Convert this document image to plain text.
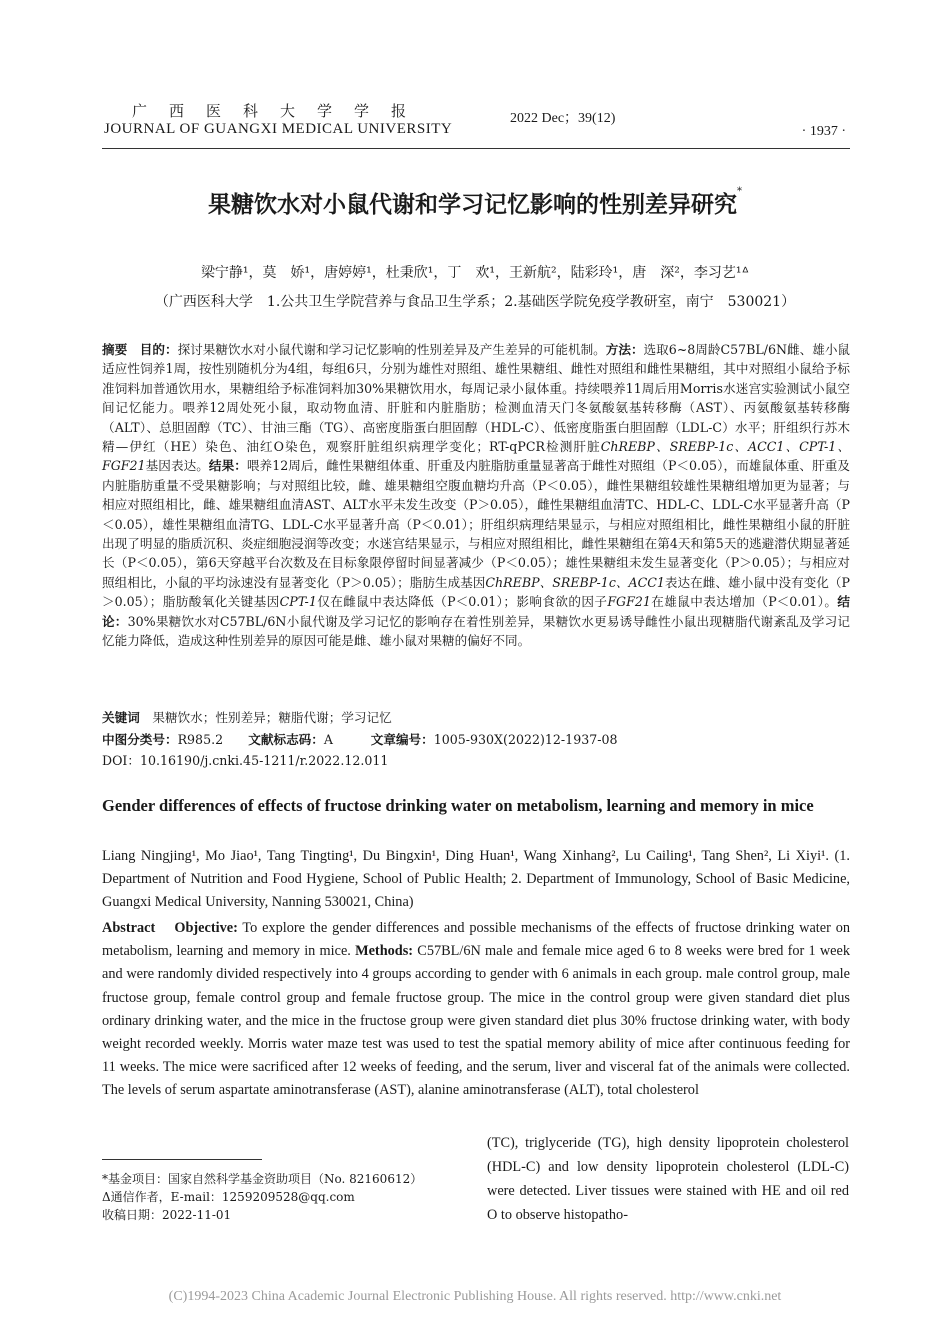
广西医科大学学报
JOURNAL OF GUANGXI MEDICAL UNIVERSITY
2022 Dec；39(12)
· 1937 ·
果糖饮水对小鼠代谢和学习记忆影响的性别差异研究*
梁宁静¹，莫　娇¹，唐婷婷¹，杜秉欣¹，丁　欢¹，王新航²，陆彩玲¹，唐　深²，李习艺¹ᐞ
（广西医科大学　1.公共卫生学院营养与食品卫生学系；2.基础医学院免疫学教研室，南宁　530021）
摘要  目的：探讨果糖饮水对小鼠代谢和学习记忆影响的性别差异及产生差异的可能机制。方法：选取6~8周龄C57BL/6N雌、雄小鼠适应性饲养1周，按性别随机分为4组，每组6只，分别为雄性对照组、雄性果糖组、雌性对照组和雌性果糖组，其中对照组小鼠给予标准饲料加普通饮用水，果糖组给予标准饲料加30%果糖饮用水，每周记录小鼠体重。持续喂养11周后用Morris水迷宫实验测试小鼠空间记忆能力。喂养12周处死小鼠，取动物血清、肝脏和内脏脂肪；检测血清天门冬氨酸氨基转移酶（AST）、丙氨酸氨基转移酶（ALT）、总胆固醇（TC）、甘油三酯（TG）、高密度脂蛋白胆固醇（HDL-C）、低密度脂蛋白胆固醇（LDL-C）水平；肝组织行苏木精—伊红（HE）染色、油红O染色，观察肝脏组织病理学变化；RT-qPCR检测肝脏ChREBP、SREBP-1c、ACC1、CPT-1、FGF21基因表达。结果：喂养12周后，雌性果糖组体重、肝重及内脏脂肪重量显著高于雌性对照组（P＜0.05），而雄鼠体重、肝重及内脏脂肪重量不受果糖影响；与对照组比较，雌、雄果糖组空腹血糖均升高（P＜0.05），雌性果糖组较雄性果糖组增加更为显著；与相应对照组相比，雌、雄果糖组血清AST、ALT水平未发生改变（P＞0.05），雌性果糖组血清TC、HDL-C、LDL-C水平显著升高（P＜0.05），雄性果糖组血清TG、LDL-C水平显著升高（P＜0.01）；肝组织病理结果显示，与相应对照组相比，雌性果糖组小鼠的肝脏出现了明显的脂质沉积、炎症细胞浸润等改变；水迷宫结果显示，与相应对照组相比，雌性果糖组在第4天和第5天的逃避潜伏期显著延长（P＜0.05），第6天穿越平台次数及在目标象限停留时间显著减少（P＜0.05）；雄性果糖组未发生显著变化（P＞0.05）；与相应对照组相比，小鼠的平均泳速没有显著变化（P＞0.05）；脂肪生成基因ChREBP、SREBP-1c、ACC1表达在雌、雄小鼠中没有变化（P＞0.05）；脂肪酸氧化关键基因CPT-1仅在雌鼠中表达降低（P＜0.01）；影响食欲的因子FGF21在雄鼠中表达增加（P＜0.01）。结论：30%果糖饮水对C57BL/6N小鼠代谢及学习记忆的影响存在着性别差异，果糖饮水更易诱导雌性小鼠出现糖脂代谢紊乱及学习记忆能力降低，造成这种性别差异的原因可能是雌、雄小鼠对果糖的偏好不同。
关键词  果糖饮水；性别差异；糖脂代谢；学习记忆
中图分类号：R985.2   文献标志码：A   	文章编号：1005-930X(2022)12-1937-08
DOI：10.16190/j.cnki.45-1211/r.2022.12.011
Gender differences of effects of fructose drinking water on metabolism, learning and memory in mice
Liang Ningjing¹, Mo Jiao¹, Tang Tingting¹, Du Bingxin¹, Ding Huan¹, Wang Xinhang², Lu Cailing¹, Tang Shen², Li Xiyi¹. (1. Department of Nutrition and Food Hygiene, School of Public Health; 2. Department of Immunology, School of Basic Medicine, Guangxi Medical University, Nanning 530021, China)
Abstract  Objective: To explore the gender differences and possible mechanisms of the effects of fructose drinking water on metabolism, learning and memory in mice. Methods: C57BL/6N male and female mice aged 6 to 8 weeks were bred for 1 week and were randomly divided respectively into 4 groups according to gender with 6 animals in each group. male control group, male fructose group, female control group and female fructose group. The mice in the control group were given standard diet plus ordinary drinking water, and the mice in the fructose group were given standard diet plus 30% fructose drinking water, with body weight recorded weekly. Morris water maze test was used to test the spatial memory ability of mice after continuous feeding for 11 weeks. The mice were sacrificed after 12 weeks of feeding, and the serum, liver and visceral fat of the animals were collected. The levels of serum aspartate aminotransferase (AST), alanine aminotransferase (ALT), total cholesterol
(TC), triglyceride (TG), high density lipoprotein cholesterol (HDL-C) and low density lipoprotein cholesterol (LDL-C) were detected. Liver tissues were stained with HE and oil red O to observe histopatho-
*基金项目：国家自然科学基金资助项目（No. 82160612）
Δ通信作者，E-mail：1259209528@qq.com
收稿日期：2022-11-01
(C)1994-2023 China Academic Journal Electronic Publishing House. All rights reserved. http://www.cnki.net
